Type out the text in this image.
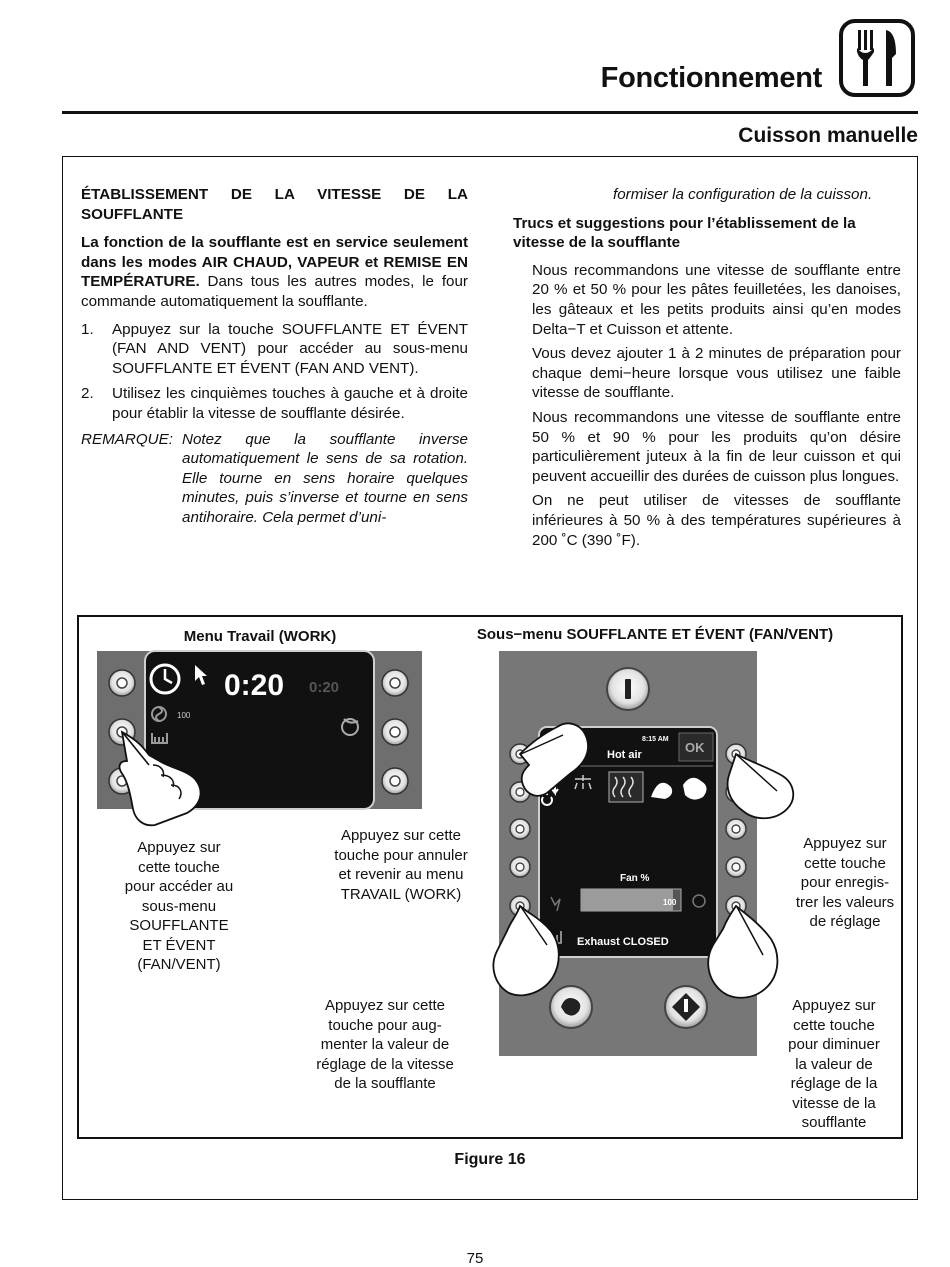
Fonctionnement
Cuisson manuelle
ÉTABLISSEMENT DE LA VITESSE DE LA SOUFFLANTE

La fonction de la soufflante est en service seulement dans les modes AIR CHAUD, VAPEUR et REMISE EN TEMPÉRATURE. Dans tous les autres modes, le four commande automatiquement la soufflante.

1.	Appuyez sur la touche SOUFFLANTE ET ÉVENT (FAN AND VENT) pour accéder au sous-menu SOUFFLANTE ET ÉVENT (FAN AND VENT).
2.	Utilisez les cinquièmes touches à gauche et à droite pour établir la vitesse de soufflante désirée.
REMARQUE: Notez que la soufflante inverse automatiquement le sens de sa rotation. Elle tourne en sens horaire quelques minutes, puis s’inverse et tourne en sens antihoraire. Cela permet d’uni-
formiser la configuration de la cuisson.
Trucs et suggestions pour l’établissement de la vitesse de la soufflante

Nous recommandons une vitesse de soufflante entre 20 % et 50 % pour les pâtes feuilletées, les danoises, les gâteaux et les petits produits ainsi qu’en modes Delta−T et Cuisson et attente.

Vous devez ajouter 1 à 2 minutes de préparation pour chaque demi−heure lorsque vous utilisez une faible vitesse de soufflante.

Nous recommandons une vitesse de soufflante entre 50 % et 90 % pour les produits qu’on désire particulièrement juteux à la fin de leur cuisson et qui peuvent accueillir des durées de cuisson plus longues.

On ne peut utiliser de vitesses de soufflante inférieures à 50 % à des températures supérieures à 200 ˚C (390 ˚F).

Menu Travail (WORK)	Sous−menu SOUFFLANTE ET ÉVENT (FAN/VENT)
0:20 0:20
100
8:15 AM
Hot air	OK
Fan %
100
Exhaust CLOSED
Appuyez sur
cette touche
pour accéder au
sous-menu
SOUFFLANTE
ET ÉVENT
(FAN/VENT)
Appuyez sur cette
touche pour annuler
et revenir au menu
TRAVAIL (WORK)
Appuyez sur
cette touche
pour enregis-
trer les valeurs
de réglage
Appuyez sur cette
touche pour aug-
menter la valeur de
réglage de la vitesse
de la soufflante
Appuyez sur
cette touche
pour diminuer
la valeur de
réglage de la
vitesse de la
soufflante
Figure 16
75
